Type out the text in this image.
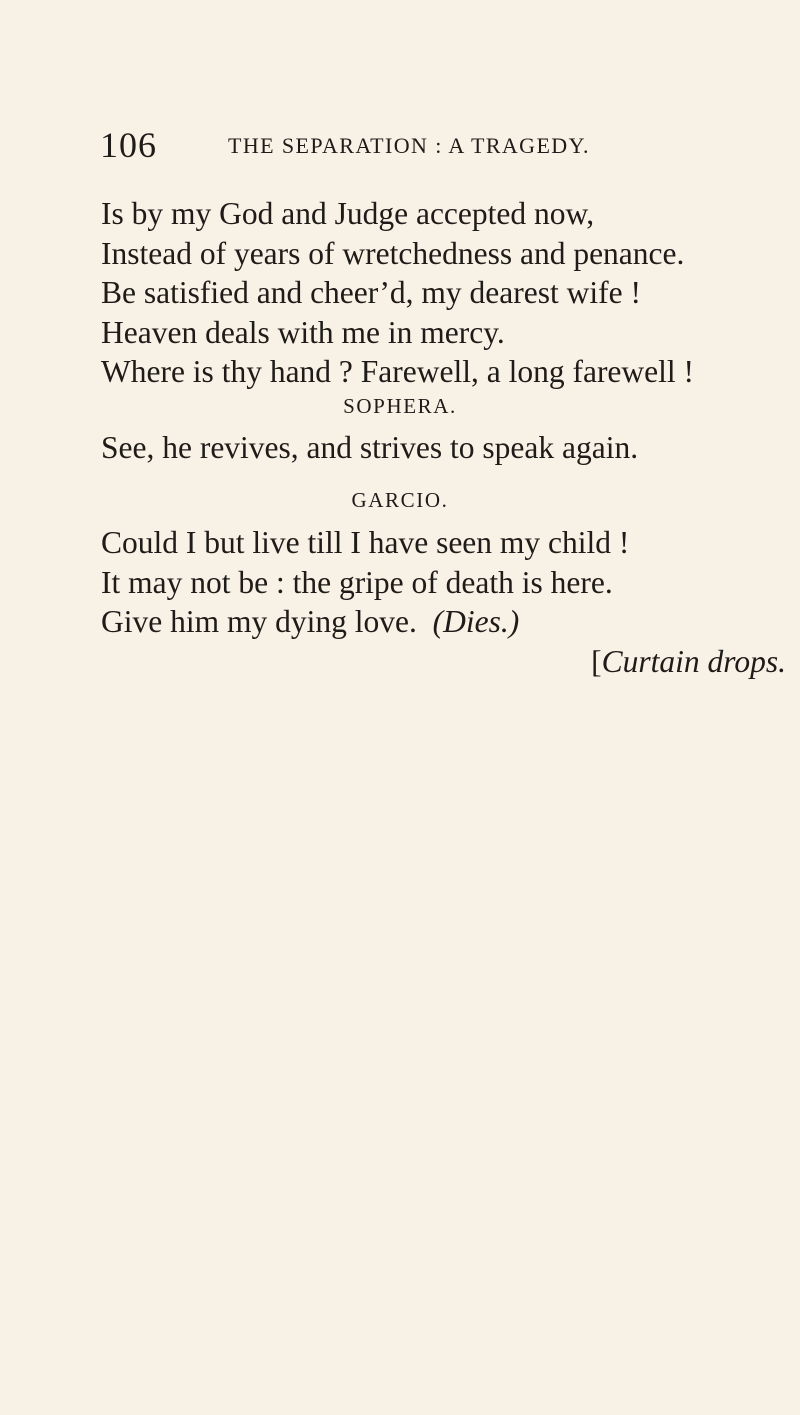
106	THE SEPARATION : A TRAGEDY.
Is by my God and Judge accepted now,
Instead of years of wretchedness and penance.
Be satisfied and cheer’d, my dearest wife !
Heaven deals with me in mercy.
Where is thy hand ? Farewell, a long farewell !
SOPHERA.
See, he revives, and strives to speak again.
GARCIO.
Could I but live till I have seen my child !
It may not be : the gripe of death is here.
Give him my dying love. (Dies.)
[Curtain drops.
